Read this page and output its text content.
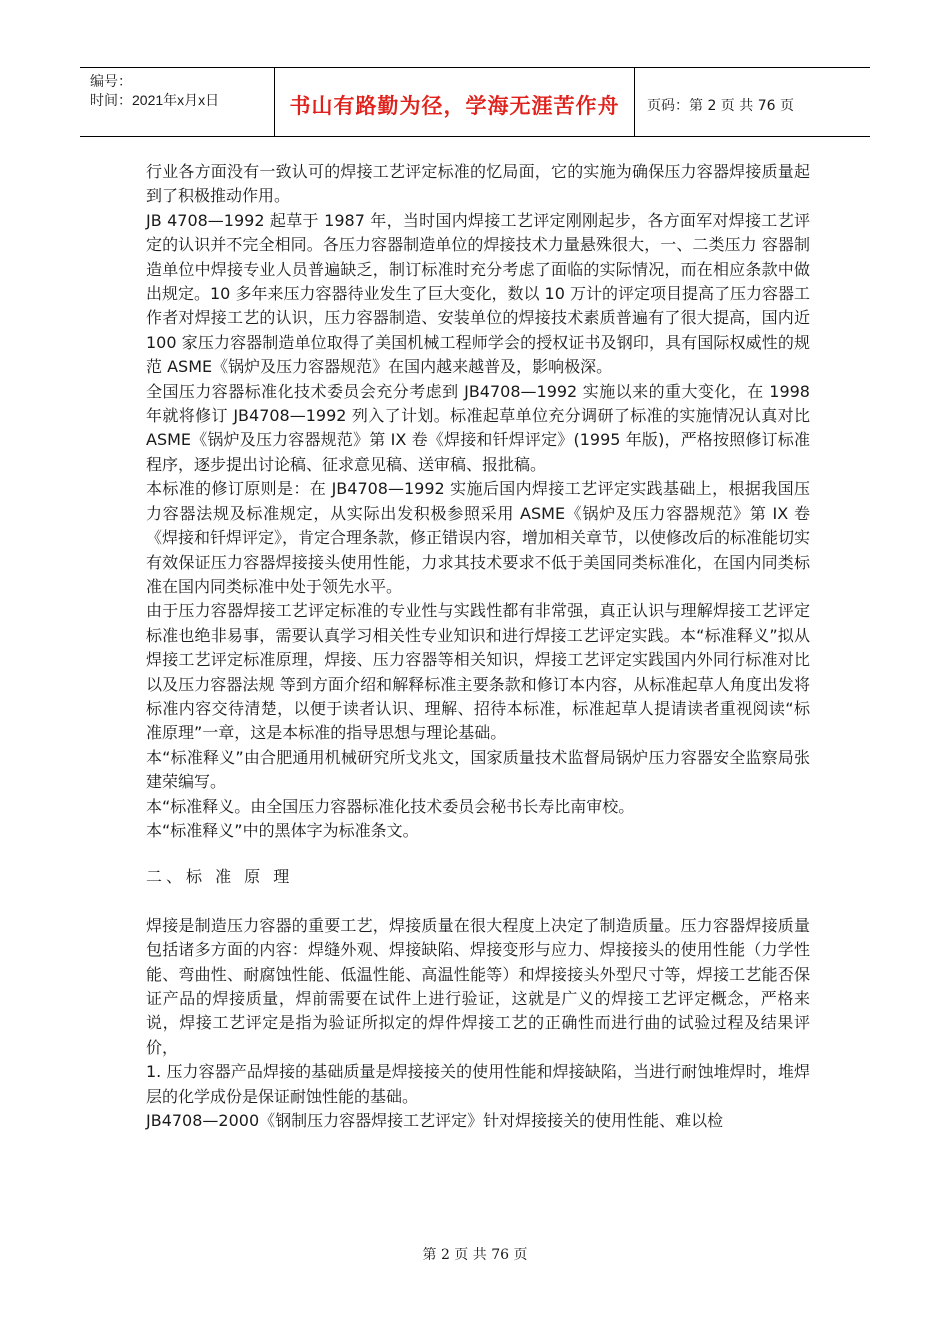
编号：
时间：2021年x月x日	书山有路勤为径，学海无涯苦作舟 页码：第 2 页 共 76 页

行业各方面没有一致认可的焊接工艺评定标准的忆局面，它的实施为确保压力容器焊接质量起到了积极推动作用。

JB 4708—1992 起草于 1987 年，当时国内焊接工艺评定刚刚起步，各方面军对焊接工艺评定的认识并不完全相同。各压力容器制造单位的焊接技术力量悬殊很大，一、二类压力 容器制造单位中焊接专业人员普遍缺乏，制订标准时充分考虑了面临的实际情况，而在相应条款中做出规定。10 多年来压力容器待业发生了巨大变化，数以 10 万计的评定项目提高了压力容器工作者对焊接工艺的认识，压力容器制造、安装单位的焊接技术素质普遍有了很大提高，国内近 100 家压力容器制造单位取得了美国机械工程师学会的授权证书及钢印，具有国际权威性的规范 ASME《锅炉及压力容器规范》在国内越来越普及，影响极深。

全国压力容器标准化技术委员会充分考虑到 JB4708—1992 实施以来的重大变化，在 1998 年就将修订 JB4708—1992 列入了计划。标准起草单位充分调研了标准的实施情况认真对比 ASME《锅炉及压力容器规范》第 IX 卷《焊接和钎焊评定》(1995 年版)，严格按照修订标准程序，逐步提出讨论稿、征求意见稿、送审稿、报批稿。

本标准的修订原则是：在 JB4708—1992 实施后国内焊接工艺评定实践基础上，根据我国压力容器法规及标准规定，从实际出发积极参照采用 ASME《锅炉及压力容器规范》第 IX 卷《焊接和钎焊评定》，肯定合理条款，修正错误内容，增加相关章节，以使修改后的标准能切实有效保证压力容器焊接接头使用性能，力求其技术要求不低于美国同类标准化，在国内同类标准在国内同类标准中处于领先水平。

由于压力容器焊接工艺评定标准的专业性与实践性都有非常强，真正认识与理解焊接工艺评定标准也绝非易事，需要认真学习相关性专业知识和进行焊接工艺评定实践。本“标准释义”拟从焊接工艺评定标准原理，焊接、压力容器等相关知识，焊接工艺评定实践国内外同行标准对比以及压力容器法规 等到方面介绍和解释标准主要条款和修订本内容，从标准起草人角度出发将标准内容交待清楚，以便于读者认识、理解、招待本标准，标准起草人提请读者重视阅读“标准原理”一章，这是本标准的指导思想与理论基础。

本“标准释义”由合肥通用机械研究所戈兆文，国家质量技术监督局锅炉压力容器安全监察局张建荣编写。

本“标准释义。由全国压力容器标准化技术委员会秘书长寿比南审校。

本“标准释义”中的黑体字为标准条文。

二、标 准 原 理

焊接是制造压力容器的重要工艺，焊接质量在很大程度上决定了制造质量。压力容器焊接质量 包括诸多方面的内容：焊缝外观、焊接缺陷、焊接变形与应力、焊接接头的使用性能（力学性能、弯曲性、耐腐蚀性能、低温性能、高温性能等）和焊接接头外型尺寸等，焊接工艺能否保证产品的焊接质量，焊前需要在试件上进行验证，这就是广义的焊接工艺评定概念，严格来说，焊接工艺评定是指为验证所拟定的焊件焊接工艺的正确性而进行曲的试验过程及结果评价，

1. 压力容器产品焊接的基础质量是焊接接关的使用性能和焊接缺陷，当进行耐蚀堆焊时，堆焊层的化学成份是保证耐蚀性能的基础。

JB4708—2000《钢制压力容器焊接工艺评定》针对焊接接关的使用性能、难以检

第 2 页 共 76 页
